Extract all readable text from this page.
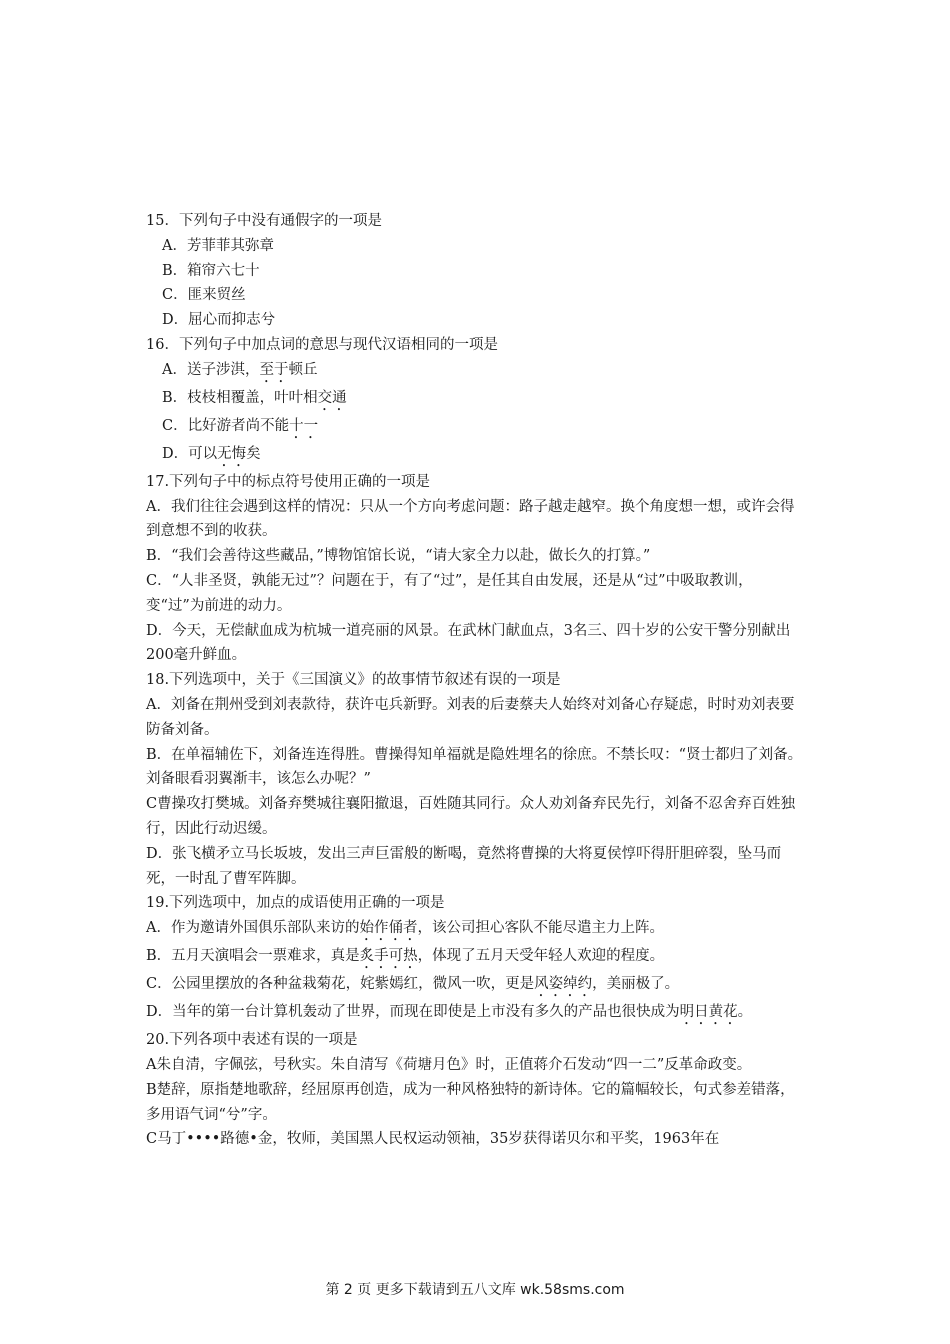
15．下列句子中没有通假字的一项是
A．芳菲菲其弥章
B．箱帘六七十
C．匪来贸丝
D．屈心而抑志兮
16．下列句子中加点词的意思与现代汉语相同的一项是
A．送子涉淇，至于顿丘
B．枝枝相覆盖，叶叶相交通
C．比好游者尚不能十一
D．可以无悔矣
17.下列句子中的标点符号使用正确的一项是
A．我们往往会遇到这样的情况：只从一个方向考虑问题：路子越走越窄。换个角度想一想，或许会得到意想不到的收获。
B．“我们会善待这些藏品，”博物馆馆长说，“请大家全力以赴，做长久的打算。”
C．“人非圣贤，孰能无过”？问题在于，有了“过”，是任其自由发展，还是从“过”中吸取教训，变“过”为前进的动力。
D．今天，无偿献血成为杭城一道亮丽的风景。在武林门献血点，3名三、四十岁的公安干警分别献出200毫升鲜血。
18.下列选项中，关于《三国演义》的故事情节叙述有误的一项是
A．刘备在荆州受到刘表款待，获许屯兵新野。刘表的后妻蔡夫人始终对刘备心存疑虑，时时劝刘表要防备刘备。
B．在单福辅佐下，刘备连连得胜。曹操得知单福就是隐姓埋名的徐庶。不禁长叹：“贤士都归了刘备。刘备眼看羽翼渐丰，该怎么办呢？”
C曹操攻打樊城。刘备弃樊城往襄阳撤退，百姓随其同行。众人劝刘备弃民先行，刘备不忍舍弃百姓独行，因此行动迟缓。
D．张飞横矛立马长坂坡，发出三声巨雷般的断喝，竟然将曹操的大将夏侯惇吓得肝胆碎裂，坠马而死，一时乱了曹军阵脚。
19.下列选项中，加点的成语使用正确的一项是
A．作为邀请外国俱乐部队来访的始作俑者，该公司担心客队不能尽遣主力上阵。
B．五月天演唱会一票难求，真是炙手可热，体现了五月天受年轻人欢迎的程度。
C．公园里摆放的各种盆栽菊花，姹紫嫣红，微风一吹，更是风姿绰约，美丽极了。
D．当年的第一台计算机轰动了世界，而现在即使是上市没有多久的产品也很快成为明日黄花。
20.下列各项中表述有误的一项是
A朱自清，字佩弦，号秋实。朱自清写《荷塘月色》时，正值蒋介石发动“四一二”反革命政变。
B楚辞，原指楚地歌辞，经屈原再创造，成为一种风格独特的新诗体。它的篇幅较长，句式参差错落，多用语气词“兮”字。
C马丁••••路德•金，牧师，美国黑人民权运动领袖，35岁获得诺贝尔和平奖，1963年在
第 2 页 更多下载请到五八文库 wk.58sms.com
